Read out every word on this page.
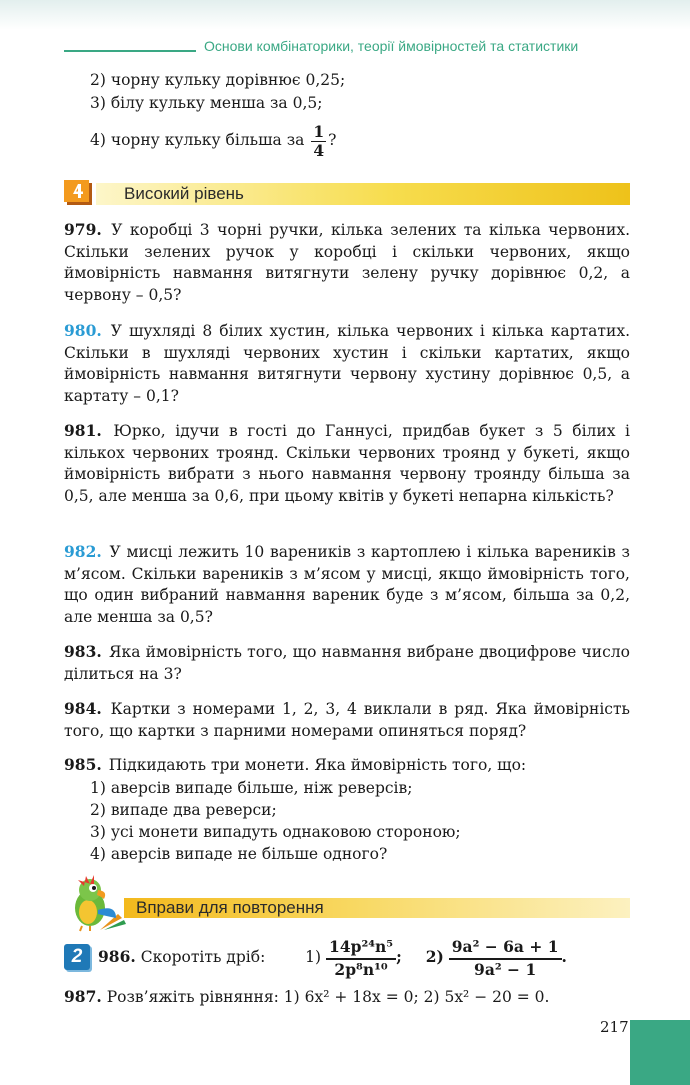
Основи комбінаторики, теорії ймовірностей та статистики
2) чорну кульку дорівнює 0,25;
3) білу кульку менша за 0,5;
4) чорну кульку більша за $\frac{1}{4}$ ?
Високий рівень
979. У коробці 3 чорні ручки, кілька зелених та кілька червоних. Скільки зелених ручок у коробці і скільки червоних, якщо ймовірність навмання витягнути зелену ручку дорівнює 0,2, а червону – 0,5?
980. У шухляді 8 білих хустин, кілька червоних і кілька картатих. Скільки в шухляді червоних хустин і скільки картатих, якщо ймовірність навмання витягнути червону хустину дорівнює 0,5, а картату – 0,1?
981. Юрко, ідучи в гості до Ганнусі, придбав букет з 5 білих і кількох червоних троянд. Скільки червоних троянд у букеті, якщо ймовірність вибрати з нього навмання червону троянду більша за 0,5, але менша за 0,6, при цьому квітів у букеті непарна кількість?
982. У мисці лежить 10 вареників з картоплею і кілька вареників з м’ясом. Скільки вареників з м’ясом у мисці, якщо ймовірність того, що один вибраний навмання вареник буде з м’ясом, більша за 0,2, але менша за 0,5?
983. Яка ймовірність того, що навмання вибране двоцифрове число ділиться на 3?
984. Картки з номерами 1, 2, 3, 4 виклали в ряд. Яка ймовірність того, що картки з парними номерами опиняться поряд?
985. Підкидають три монети. Яка ймовірність того, що:
1) аверсів випаде більше, ніж реверсів;
2) випаде два реверси;
3) усі монети випадуть однаковою стороною;
4) аверсів випаде не більше одного?
Вправи для повторення
2	986. Скоротіть дріб:	$1) \frac{\text{14p²⁴n⁵}}{\text{2p⁸n¹⁰}}$ ; $2) \frac{\text{9a² − 6a + 1}}{\text{9a² − 1}}$ .
987. Розв’яжіть рівняння: 1) 6x² + 18x = 0; 2) 5x² − 20 = 0.
217
